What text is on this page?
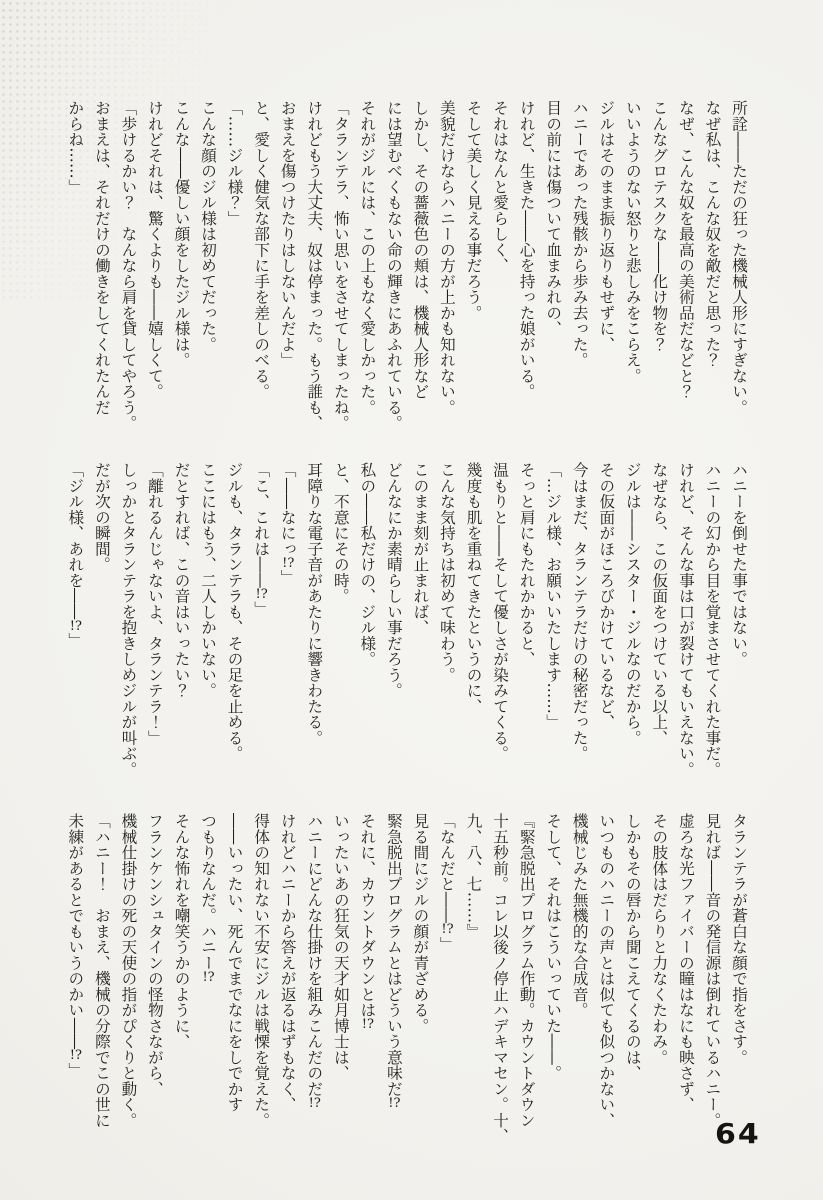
所詮――ただの狂った機械人形にすぎない。

なぜ私は、こんな奴を敵だと思った？

なぜ、こんな奴を最高の美術品だなどと？

こんなグロテスクな――化け物を？

いいようのない怒りと悲しみをこらえ。

ジルはそのまま振り返りもせずに、

ハニーであった残骸から歩み去った。

目の前には傷ついて血まみれの、

けれど、生きた――心を持った娘がいる。

それはなんと愛らしく、

そして美しく見える事だろう。

美貌だけならハニーの方が上かも知れない。

しかし、その薔薇色の頬は、機械人形など

には望むべくもない命の輝きにあふれている。

それがジルには、この上もなく愛しかった。

「タランテラ、怖い思いをさせてしまったね。

けれどもう大丈夫、奴は停まった。もう誰も、

おまえを傷つけたりはしないんだよ」

と、愛しく健気な部下に手を差しのべる。

「……ジル様？」

こんな顔のジル様は初めてだった。

こんな――優しい顔をしたジル様は。

けれどそれは、驚くよりも――嬉しくて。

「歩けるかい？　なんなら肩を貸してやろう。

おまえは、それだけの働きをしてくれたんだ

からね……」

ハニーを倒せた事ではない。

ハニーの幻から目を覚まさせてくれた事だ。

けれど、そんな事は口が裂けてもいえない。

なぜなら、この仮面をつけている以上、

ジルは――シスター・ジルなのだから。

その仮面がほころびかけているなど、

今はまだ、タランテラだけの秘密だった。

「…ジル様、お願いいたします……」

そっと肩にもたれかかると、

温もりと――そして優しさが染みてくる。

幾度も肌を重ねてきたというのに、

こんな気持ちは初めて味わう。

このまま刻が止まれば、

どんなにか素晴らしい事だろう。

私の――私だけの、ジル様。

と、不意にその時。

耳障りな電子音があたりに響きわたる。

「――なにっ!?」

「こ、これは――!?」

ジルも、タランテラも、その足を止める。

ここにはもう、二人しかいない。

だとすれば、この音はいったい？

「離れるんじゃないよ、タランテラ！」

しっかとタランテラを抱きしめジルが叫ぶ。

だが次の瞬間。

「ジル様、あれを――!?」

タランテラが蒼白な顔で指をさす。

見れば――音の発信源は倒れているハニー。

虚ろな光ファイバーの瞳はなにも映さず、

その肢体はだらりと力なくたわみ。

しかもその唇から聞こえてくるのは、

いつものハニーの声とは似ても似つかない、

機械じみた無機的な合成音。

そして、それはこういっていた――。

『緊急脱出プログラム作動。カウントダウン

十五秒前。コレ以後ノ停止ハデキマセン。十、

九、八、七……』

「なんだと――!?」

見る間にジルの顔が青ざめる。

緊急脱出プログラムとはどういう意味だ!?

それに、カウントダウンとは!?

いったいあの狂気の天才如月博士は、

ハニーにどんな仕掛けを組みこんだのだ!?

けれどハニーから答えが返るはずもなく、

得体の知れない不安にジルは戦慄を覚えた。

――いったい、死んでまでなにをしでかす

つもりなんだ。ハニー!?

そんな怖れを嘲笑うかのように、

フランケンシュタインの怪物さながら、

機械仕掛けの死の天使の指がぴくりと動く。

「ハニー！　おまえ、機械の分際でこの世に

未練があるとでもいうのかい――!?」

64
